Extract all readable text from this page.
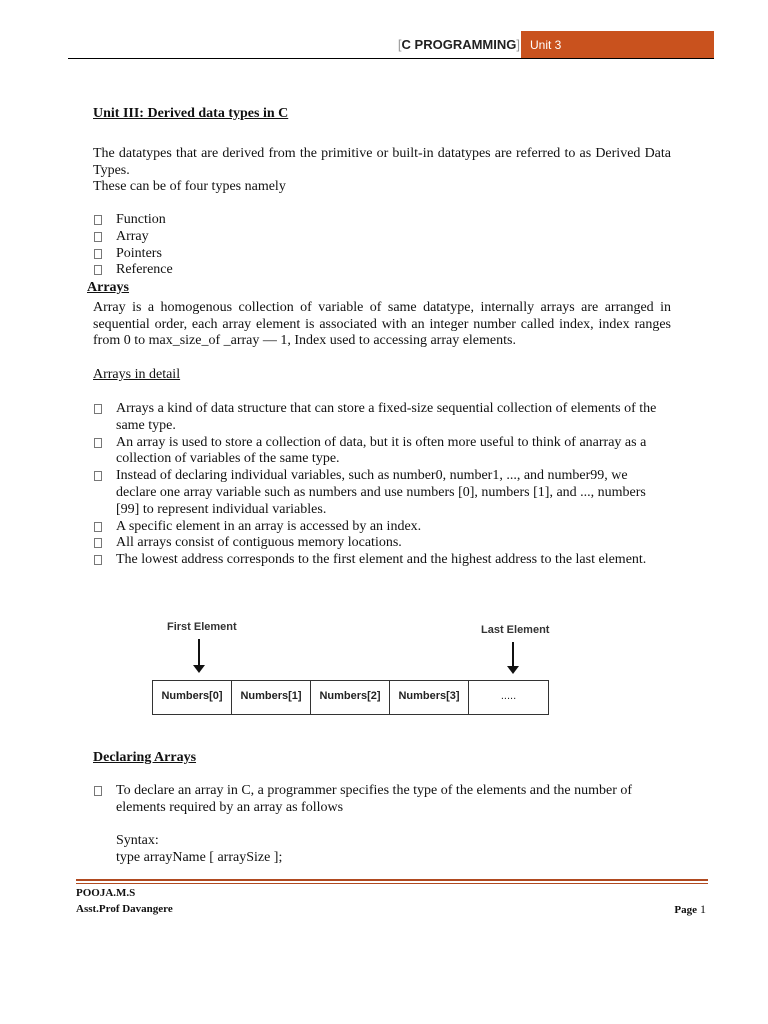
[C PROGRAMMING] Unit 3
Unit III: Derived data types in C
The datatypes that are derived from the primitive or built-in datatypes are referred to as Derived Data Types.
These can be of four types namely
Function
Array
Pointers
Reference
Arrays
Array is a homogenous collection of variable of same datatype, internally arrays are arranged in sequential order, each array element is associated with an integer number called index, index ranges from 0 to max_size_of _array — 1, Index used to accessing array elements.
Arrays in detail
Arrays a kind of data structure that can store a fixed-size sequential collection of elements of the same type.
An array is used to store a collection of data, but it is often more useful to think of anarray as a collection of variables of the same type.
Instead of declaring individual variables, such as number0, number1, ..., and number99, we declare one array variable such as numbers and use numbers [0], numbers [1], and ..., numbers [99] to represent individual variables.
A specific element in an array is accessed by an index.
All arrays consist of contiguous memory locations.
The lowest address corresponds to the first element and the highest address to the last element.
First Element	Last Element
Numbers[0]	Numbers[1]	Numbers[2]	Numbers[3]	.....
Declaring Arrays
To declare an array in C, a programmer specifies the type of the elements and the number of elements required by an array as follows
Syntax:
type arrayName [ arraySize ];
POOJA.M.S
Asst.Prof Davangere	Page 1
